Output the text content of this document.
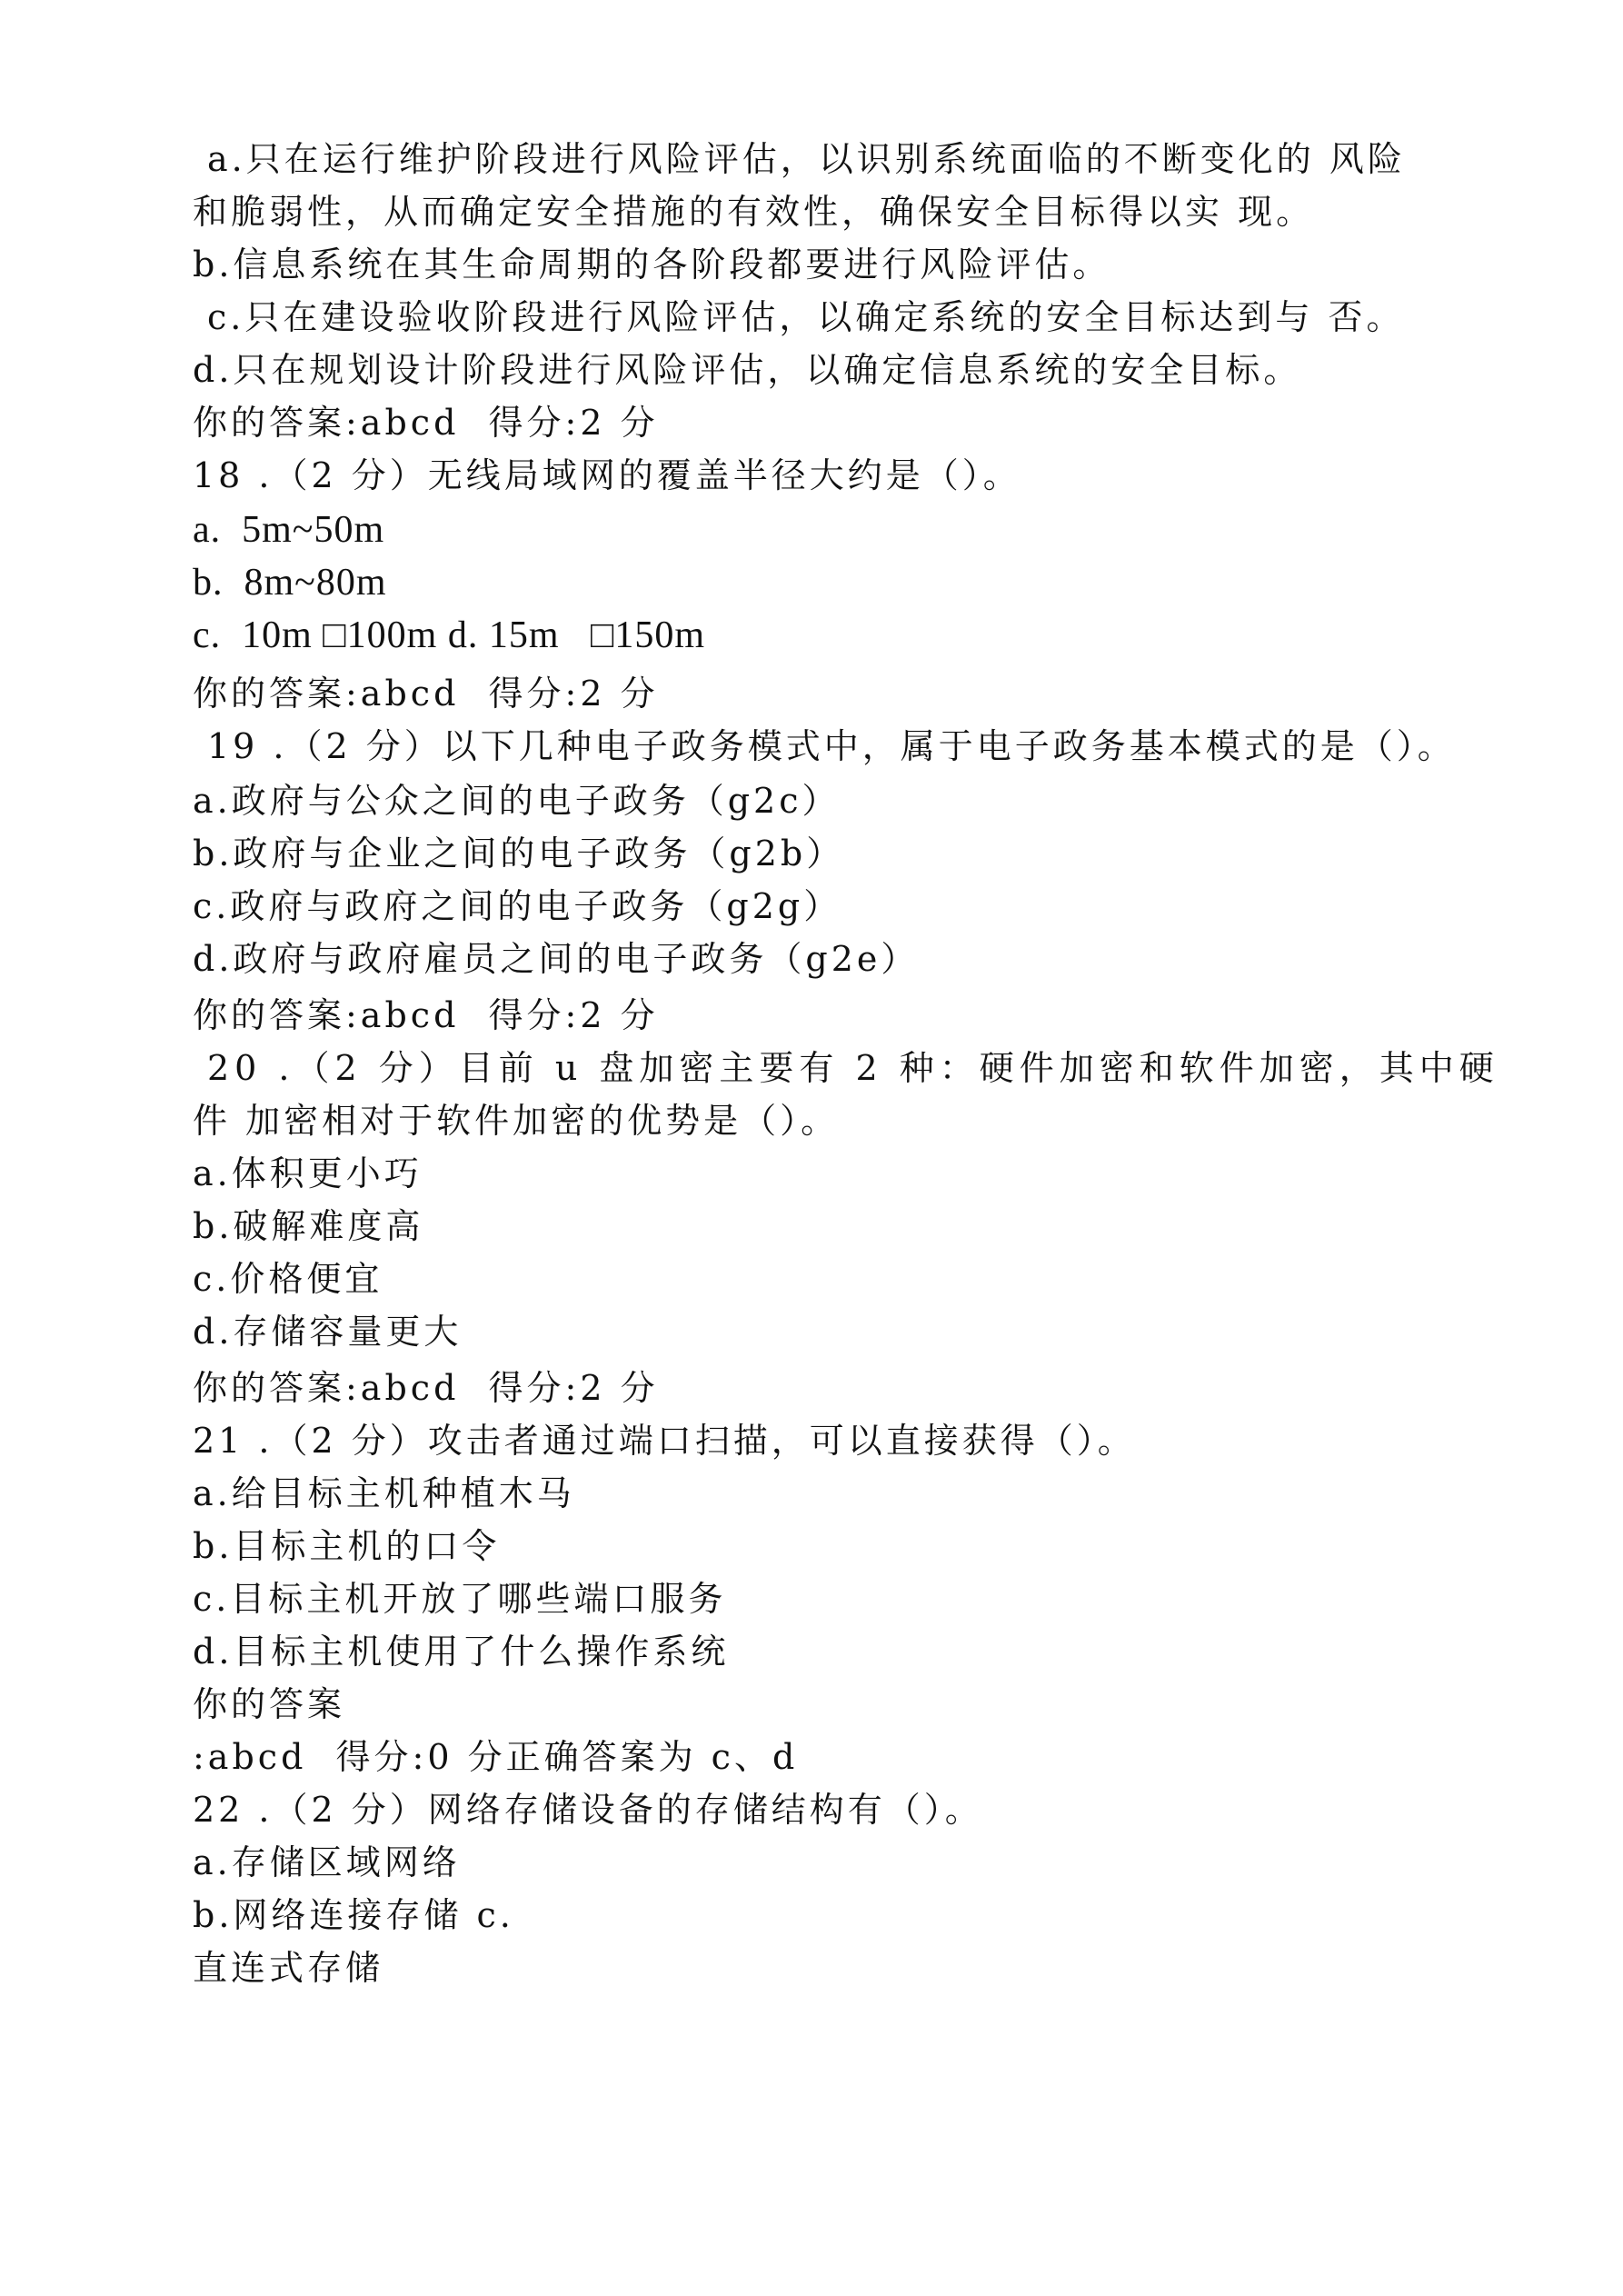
a.只在运行维护阶段进行风险评估，以识别系统面临的不断变化的 风险
和脆弱性，从而确定安全措施的有效性，确保安全目标得以实 现。
b.信息系统在其生命周期的各阶段都要进行风险评估。
c.只在建设验收阶段进行风险评估，以确定系统的安全目标达到与 否。
d.只在规划设计阶段进行风险评估，以确定信息系统的安全目标。
你的答案:abcd  得分:2 分
18 .（2 分）无线局域网的覆盖半径大约是（）。
a.  5m~50m
b.  8m~80m
c.  10m □100m d. 15m   □150m
你的答案:abcd  得分:2 分
19 .（2 分）以下几种电子政务模式中，属于电子政务基本模式的是（）。
a.政府与公众之间的电子政务（g2c）
b.政府与企业之间的电子政务（g2b）
c.政府与政府之间的电子政务（g2g）
d.政府与政府雇员之间的电子政务（g2e）
你的答案:abcd  得分:2 分
20 .（2 分）目前 u 盘加密主要有 2 种：硬件加密和软件加密，其中硬
件 加密相对于软件加密的优势是（）。
a.体积更小巧
b.破解难度高
c.价格便宜
d.存储容量更大
你的答案:abcd  得分:2 分
21 .（2 分）攻击者通过端口扫描，可以直接获得（）。
a.给目标主机种植木马
b.目标主机的口令
c.目标主机开放了哪些端口服务
d.目标主机使用了什么操作系统
你的答案
:abcd  得分:0 分正确答案为 c、d
22 .（2 分）网络存储设备的存储结构有（）。
a.存储区域网络
b.网络连接存储 c.
直连式存储
